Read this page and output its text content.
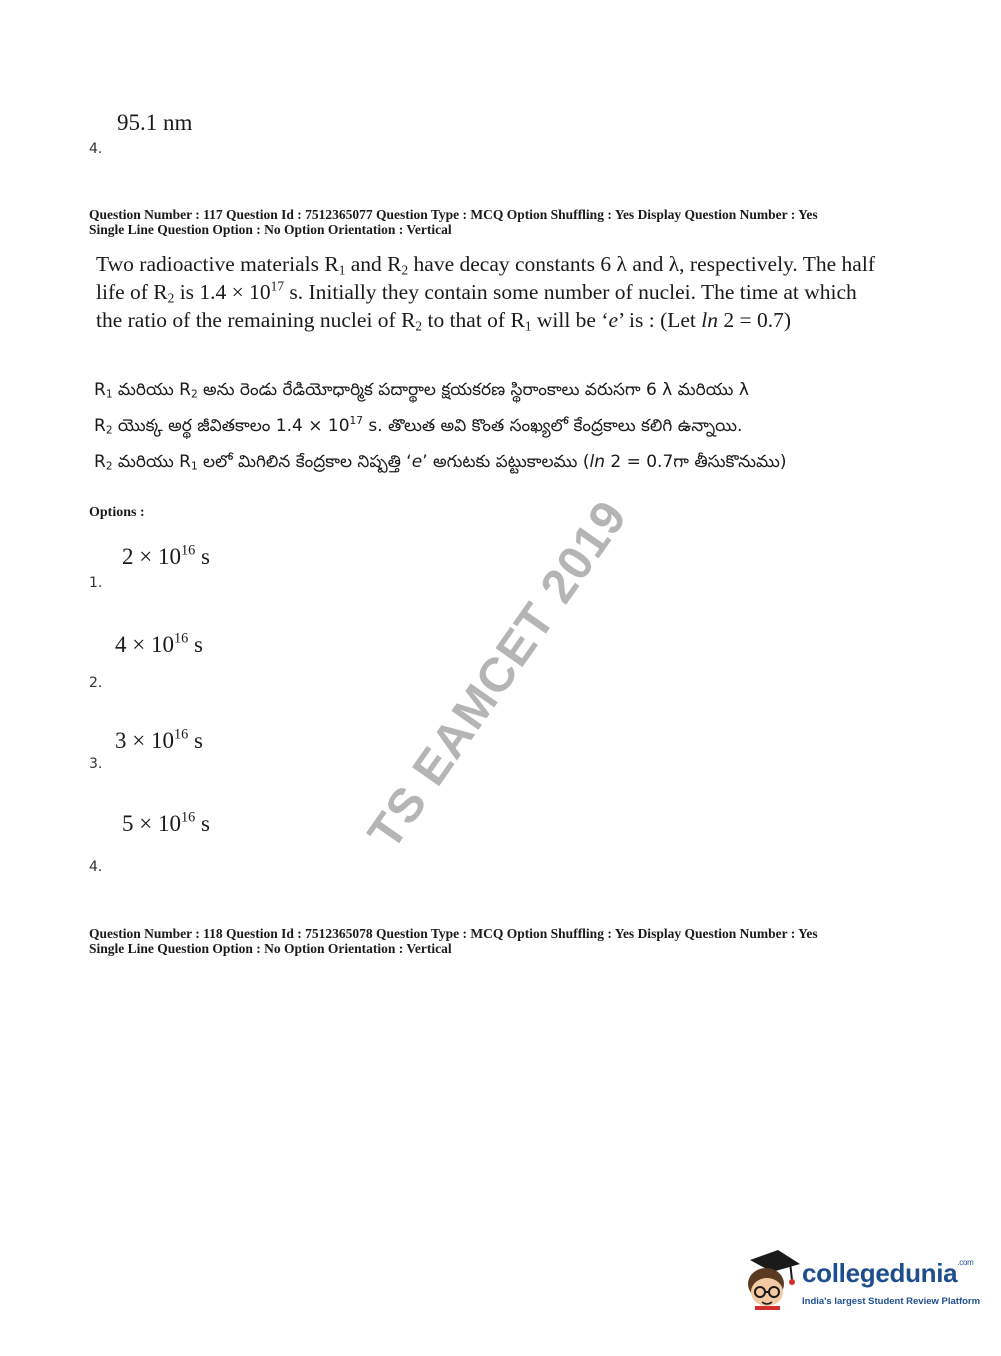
95.1 nm
4.
Question Number : 117 Question Id : 7512365077 Question Type : MCQ Option Shuffling : Yes Display Question Number : Yes
Single Line Question Option : No Option Orientation : Vertical
Two radioactive materials $R_1$ and $R_2$ have decay constants 6 λ and λ, respectively. The half
life of $R_2$ is $1.4 \times 10^{17}$ s. Initially they contain some number of nuclei. The time at which
the ratio of the remaining nuclei of $R_2$ to that of $R_1$ will be ‘e’ is : (Let ln 2 = 0.7)
$R_1$ మరియు $R_2$ అను రెండు రేడియోధార్మిక పదార్థాల క్షయకరణ స్థిరాంకాలు వరుసగా 6 λ మరియు λ
$R_2$ యొక్క అర్థ జీవితకాలం $1.4 \times 10^{17}$ s. తొలుత అవి కొంత సంఖ్యలో కేంద్రకాలు కలిగి ఉన్నాయి.
$R_2$ మరియు $R_1$ లలో మిగిలిన కేంద్రకాల నిష్పత్తి ‘e’ అగుటకు పట్టుకాలము (ln 2 = 0.7గా తీసుకొనుము)
Options :
$2 \times 10^{16}$ s
1.
$4 \times 10^{16}$ s
2.
$3 \times 10^{16}$ s
3.
$5 \times 10^{16}$ s
4.
Question Number : 118 Question Id : 7512365078 Question Type : MCQ Option Shuffling : Yes Display Question Number : Yes
Single Line Question Option : No Option Orientation : Vertical
TS EAMCET 2019
collegedunia$^{.com}$
India's largest Student Review Platform
